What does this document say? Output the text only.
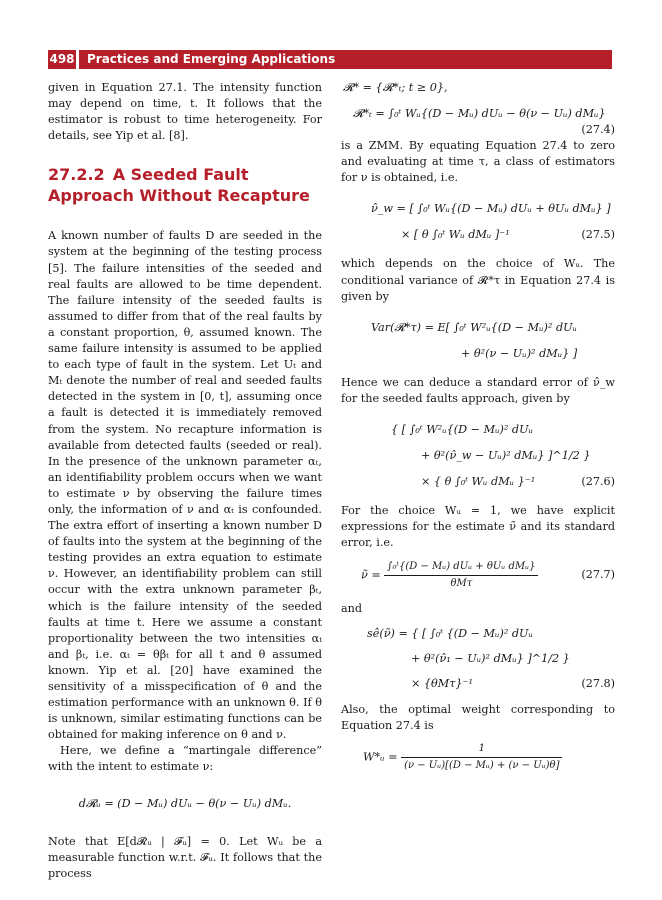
498	Practices and Emerging Applications

given in Equation 27.1. The intensity function may depend on time, t. It follows that the estimator is robust to time heterogeneity. For details, see Yip et al. [8].

27.2.2 A Seeded Fault Approach Without Recapture

A known number of faults D are seeded in the system at the beginning of the testing process [5]. The failure intensities of the seeded and real faults are allowed to be time dependent. The failure intensity of the seeded faults is assumed to differ from that of the real faults by a constant proportion, θ, assumed known. The same failure intensity is assumed to be applied to each type of fault in the system. Let Uₜ and Mₜ denote the number of real and seeded faults detected in the system in [0, t], assuming once a fault is detected it is immediately removed from the system. No recapture information is available from detected faults (seeded or real). In the presence of the unknown parameter αₜ, an identifiability problem occurs when we want to estimate ν by observing the failure times only, the information of ν and αₜ is confounded. The extra effort of inserting a known number D of faults into the system at the beginning of the testing provides an extra equation to estimate ν. However, an identifiability problem can still occur with the extra unknown parameter βₜ, which is the failure intensity of the seeded faults at time t. Here we assume a constant proportionality between the two intensities αₜ and βₜ, i.e. αₜ = θβₜ for all t and θ assumed known. Yip et al. [20] have examined the sensitivity of a misspecification of θ and the estimation performance with an unknown θ. If θ is unknown, similar estimating functions can be obtained for making inference on θ and ν.

Here, we define a “martingale difference” with the intent to estimate ν:

d𝓡ᵤ = (D − Mᵤ) dUᵤ − θ(ν − Uᵤ) dMᵤ.

Note that E[d𝓡ᵤ | 𝓕ᵤ] = 0. Let Wᵤ be a measurable function w.r.t. 𝓕ᵤ. It follows that the process

𝓡* = {𝓡*ₜ; t ≥ 0},
𝓡*ₜ = ∫₀ᵗ Wᵤ{(D − Mᵤ) dUᵤ − θ(ν − Uᵤ) dMᵤ}
(27.4)

is a ZMM. By equating Equation 27.4 to zero and evaluating at time τ, a class of estimators for ν is obtained, i.e.

ν̂_w = [ ∫₀ᵗ Wᵤ{(D − Mᵤ) dUᵤ + θUᵤ dMᵤ} ]
× [ θ ∫₀ᵗ Wᵤ dMᵤ ]⁻¹	(27.5)

which depends on the choice of Wᵤ. The conditional variance of 𝓡*τ in Equation 27.4 is given by

Var(𝓡*τ) = E[ ∫₀ᵗ W²ᵤ{(D − Mᵤ)² dUᵤ
+ θ²(ν − Uᵤ)² dMᵤ} ]

Hence we can deduce a standard error of ν̂_w for the seeded faults approach, given by

{ [ ∫₀ᵗ W²ᵤ{(D − Mᵤ)² dUᵤ
+ θ²(ν̂_w − Uᵤ)² dMᵤ} ]^1/2 }
× { θ ∫₀ᵗ Wᵤ dMᵤ }⁻¹	(27.6)

For the choice Wᵤ = 1, we have explicit expressions for the estimate ν̃ and its standard error, i.e.

ν̃ = $\frac{\text{∫₀ᵗ\{(D − Mᵤ) dUᵤ + θUᵤ dMᵤ\}}}{\text{θMτ}}$	(27.7)

and

sê(ν̃) = { [ ∫₀ᵗ {(D − Mᵤ)² dUᵤ
+ θ²(ν̂₁ − Uᵤ)² dMᵤ} ]^1/2 }
× {θMτ}⁻¹	(27.8)

Also, the optimal weight corresponding to Equation 27.4 is

W*ᵤ = $\frac{1}{\text{(ν − Uᵤ)[(D − Mᵤ) + (ν − Uᵤ)θ]}}$
